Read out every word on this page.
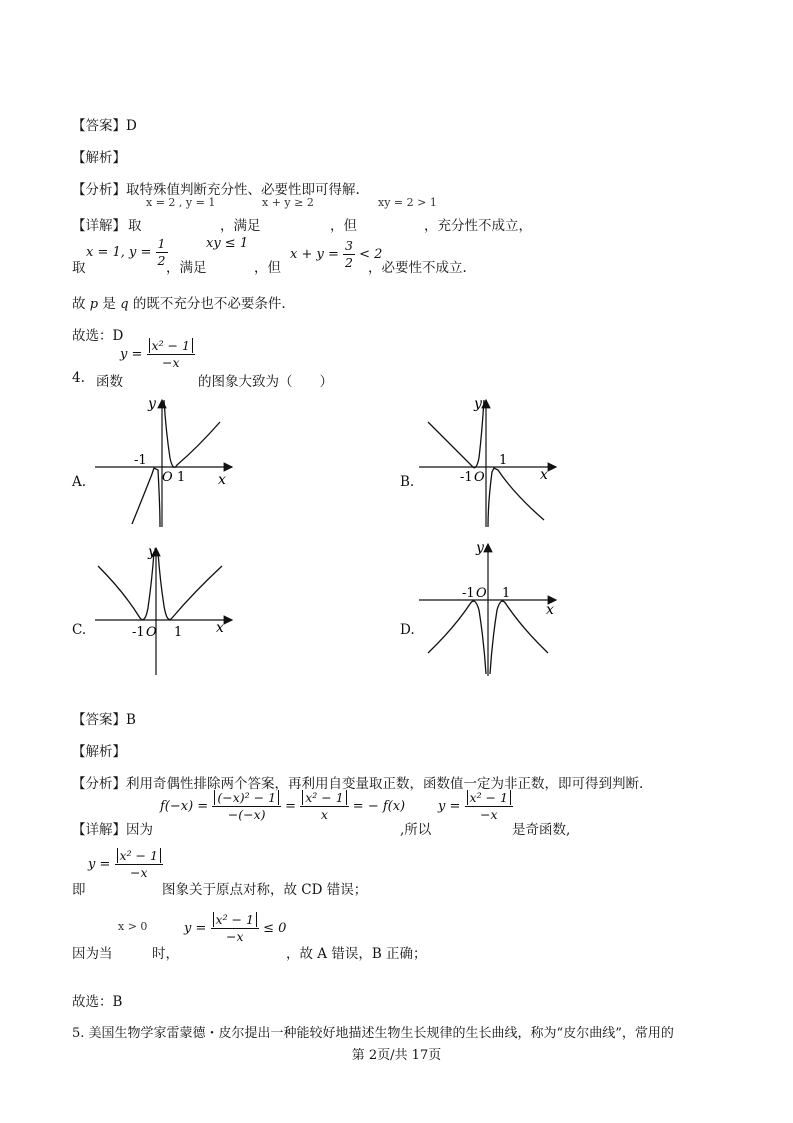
【答案】D
【解析】
【分析】取特殊值判断充分性、必要性即可得解.
【详解】 取
x = 2 , y = 1
，满足
x + y ≥ 2
，但
xy = 2 > 1
，充分性不成立，
x = 1, $y = \frac{1}{2}$
取	，满足
xy ≤ 1
，但
$x + y = \frac{3}{2} < 2$
，必要性不成立.
故 p 是 q 的既不充分也不必要条件.
故选：D
4. 函数
$y = \frac{\text{x² − 1}}{-x}$
的图象大致为（　　）
A.	B.
C.	D.
-1
O 1 x
y
-1 O
1
x
y
-1 O 1 x
y
-1 O 1
x
y
【答案】B
【解析】
【分析】利用奇偶性排除两个答案，再利用自变量取正数，函数值一定为非正数，即可得到判断.
【详解】因为
$f(-x) = \frac{\text{(−x)² − 1}}{-(-x)} = \frac{\text{x² − 1}}{x}$ = − f(x)
,所以
$y = \frac{\text{x² − 1}}{-x}$
是奇函数,
$y = \frac{\text{x² − 1}}{-x}$
即	图象关于原点对称，故 CD 错误；
x > 0
因为当	时，
$y = \frac{\text{x² − 1}}{-x} \le 0$
，故 A 错误，B 正确；
故选：B
5. 美国生物学家雷蒙德・皮尔提出一种能较好地描述生物生长规律的生长曲线，称为“皮尔曲线”，常用的
第 2页/共 17页
